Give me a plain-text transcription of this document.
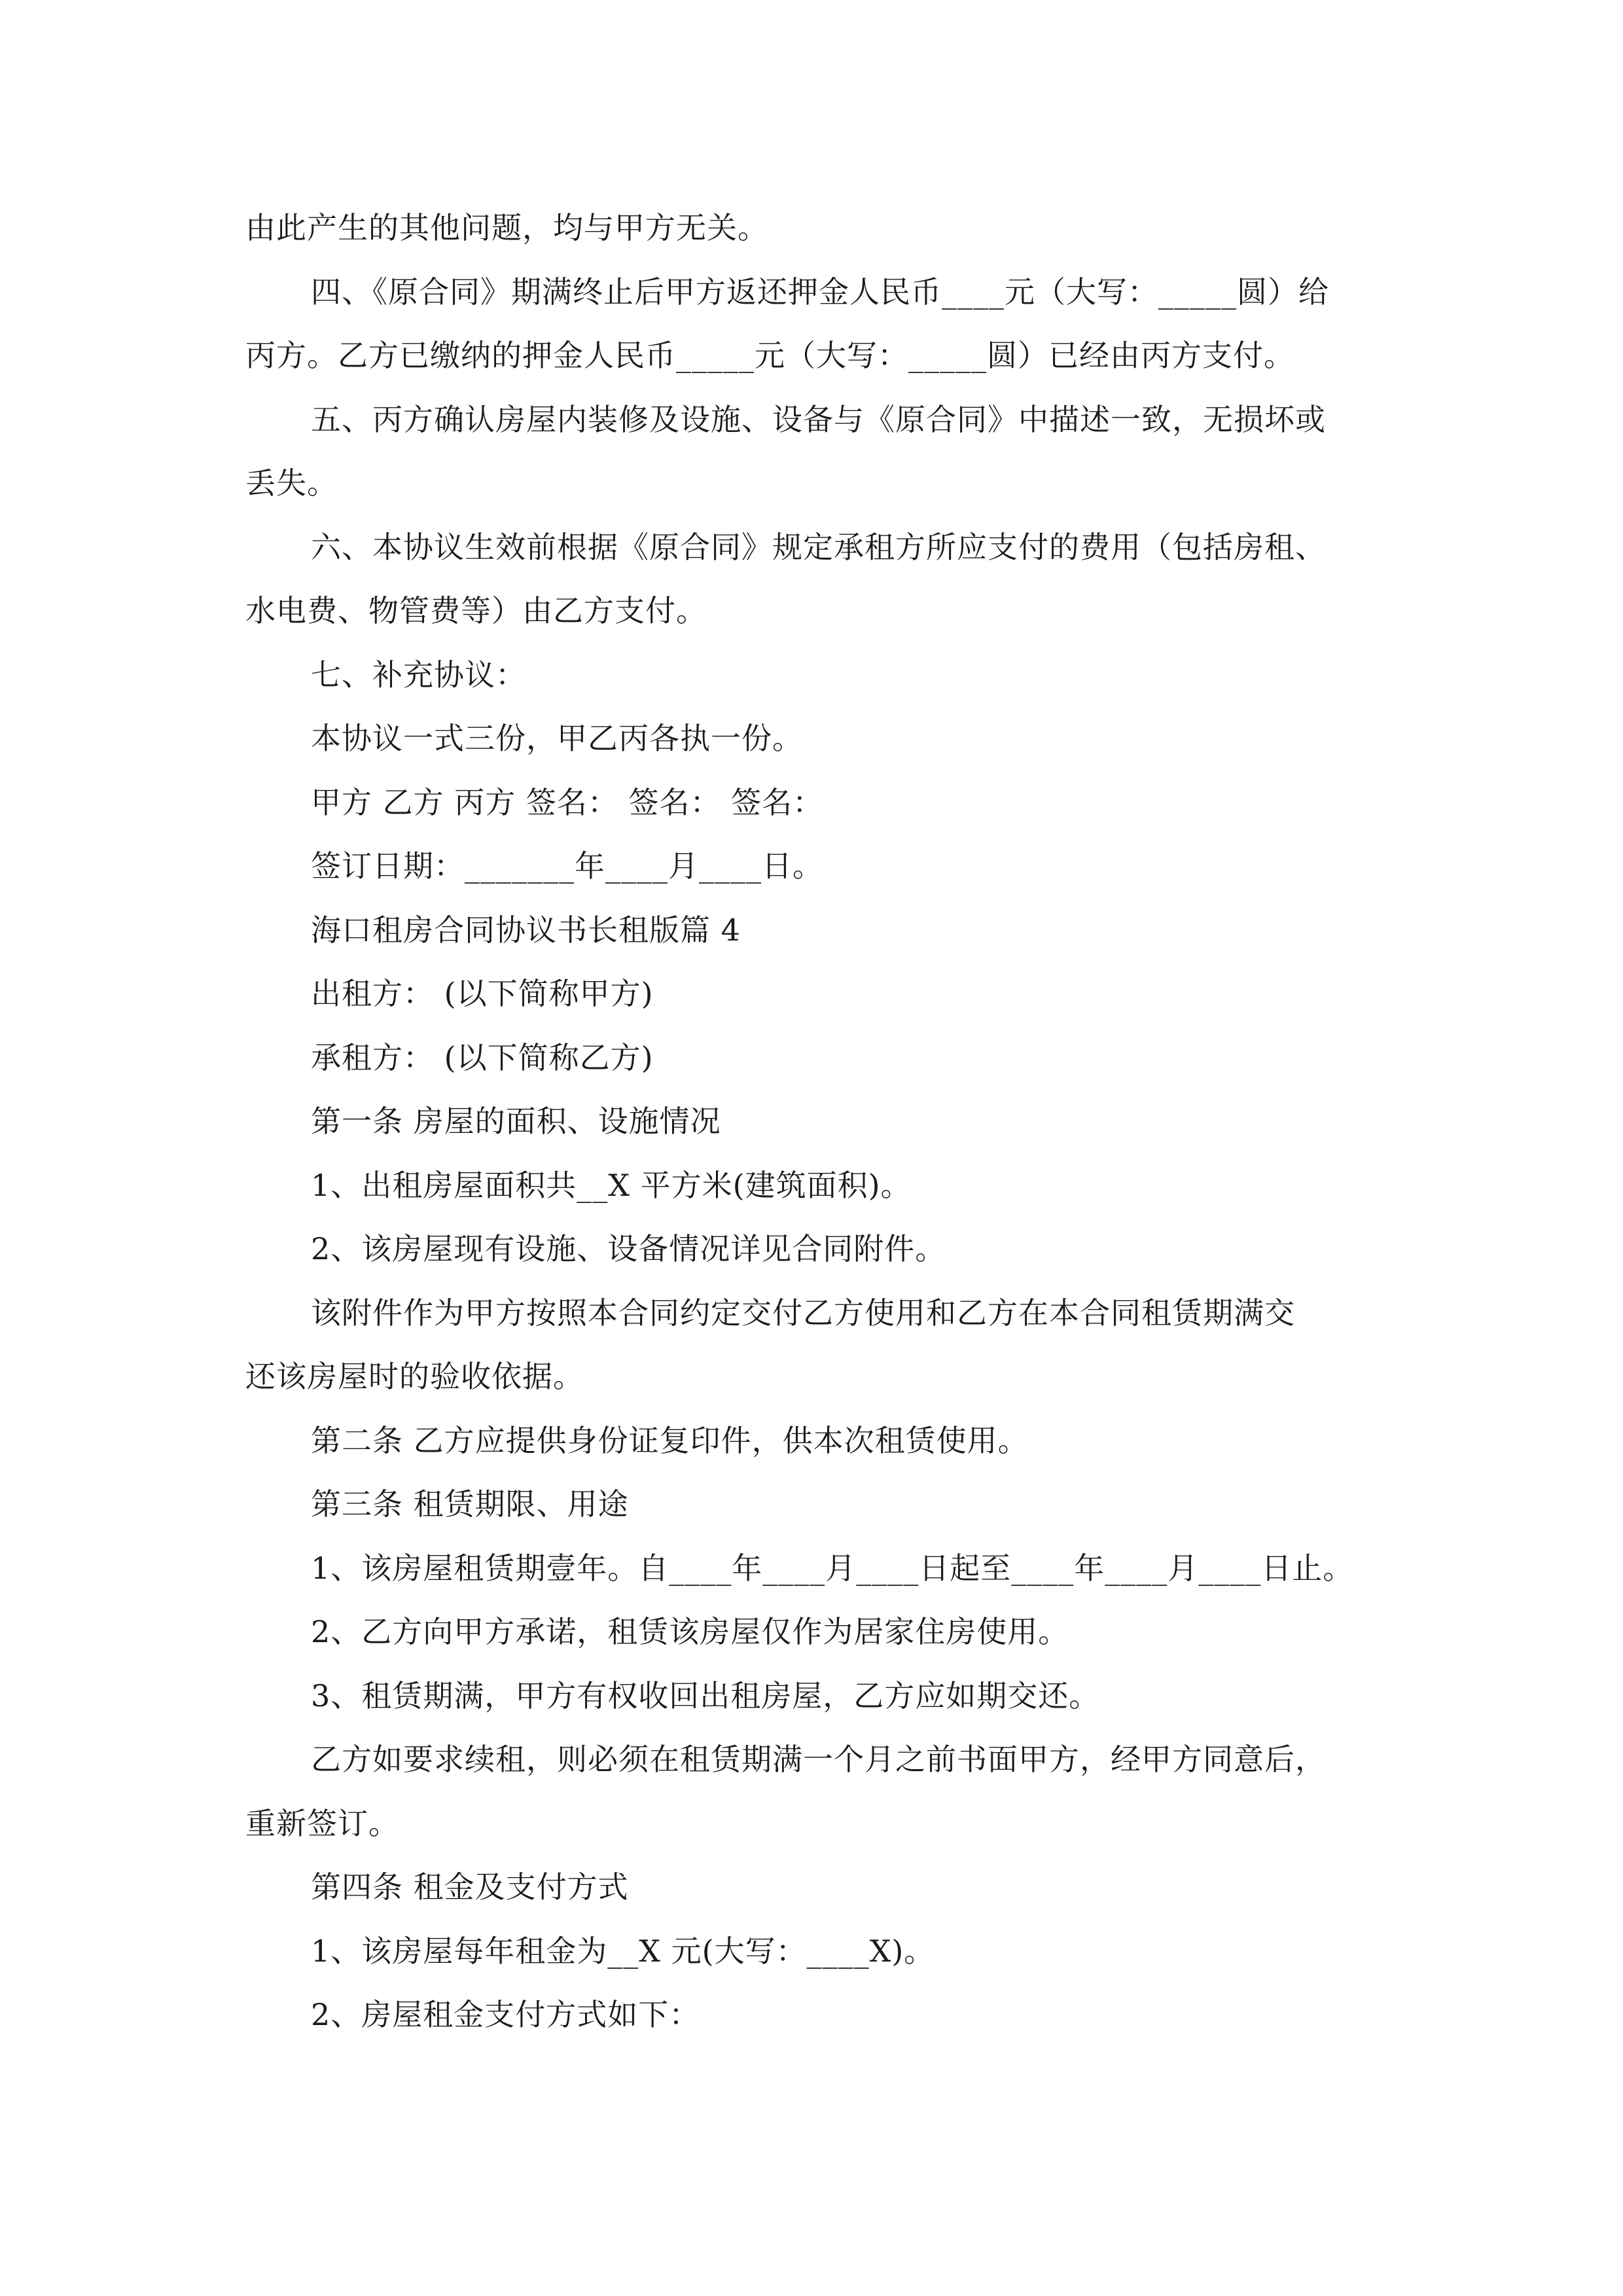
由此产生的其他问题，均与甲方无关。
四、《原合同》期满终止后甲方返还押金人民币____元（大写：_____圆）给
丙方。乙方已缴纳的押金人民币_____元（大写：_____圆）已经由丙方支付。
五、丙方确认房屋内装修及设施、设备与《原合同》中描述一致，无损坏或
丢失。
六、本协议生效前根据《原合同》规定承租方所应支付的费用（包括房租、
水电费、物管费等）由乙方支付。
七、补充协议：
本协议一式三份，甲乙丙各执一份。
甲方 乙方 丙方 签名： 签名： 签名：
签订日期：_______年____月____日。
海口租房合同协议书长租版篇 4
出租方： (以下简称甲方)
承租方： (以下简称乙方)
第一条 房屋的面积、设施情况
1、出租房屋面积共__X 平方米(建筑面积)。
2、该房屋现有设施、设备情况详见合同附件。
该附件作为甲方按照本合同约定交付乙方使用和乙方在本合同租赁期满交
还该房屋时的验收依据。
第二条 乙方应提供身份证复印件，供本次租赁使用。
第三条 租赁期限、用途
1、该房屋租赁期壹年。自____年____月____日起至____年____月____日止。
2、乙方向甲方承诺，租赁该房屋仅作为居家住房使用。
3、租赁期满，甲方有权收回出租房屋，乙方应如期交还。
乙方如要求续租，则必须在租赁期满一个月之前书面甲方，经甲方同意后，
重新签订。
第四条 租金及支付方式
1、该房屋每年租金为__X 元(大写：____X)。
2、房屋租金支付方式如下：
